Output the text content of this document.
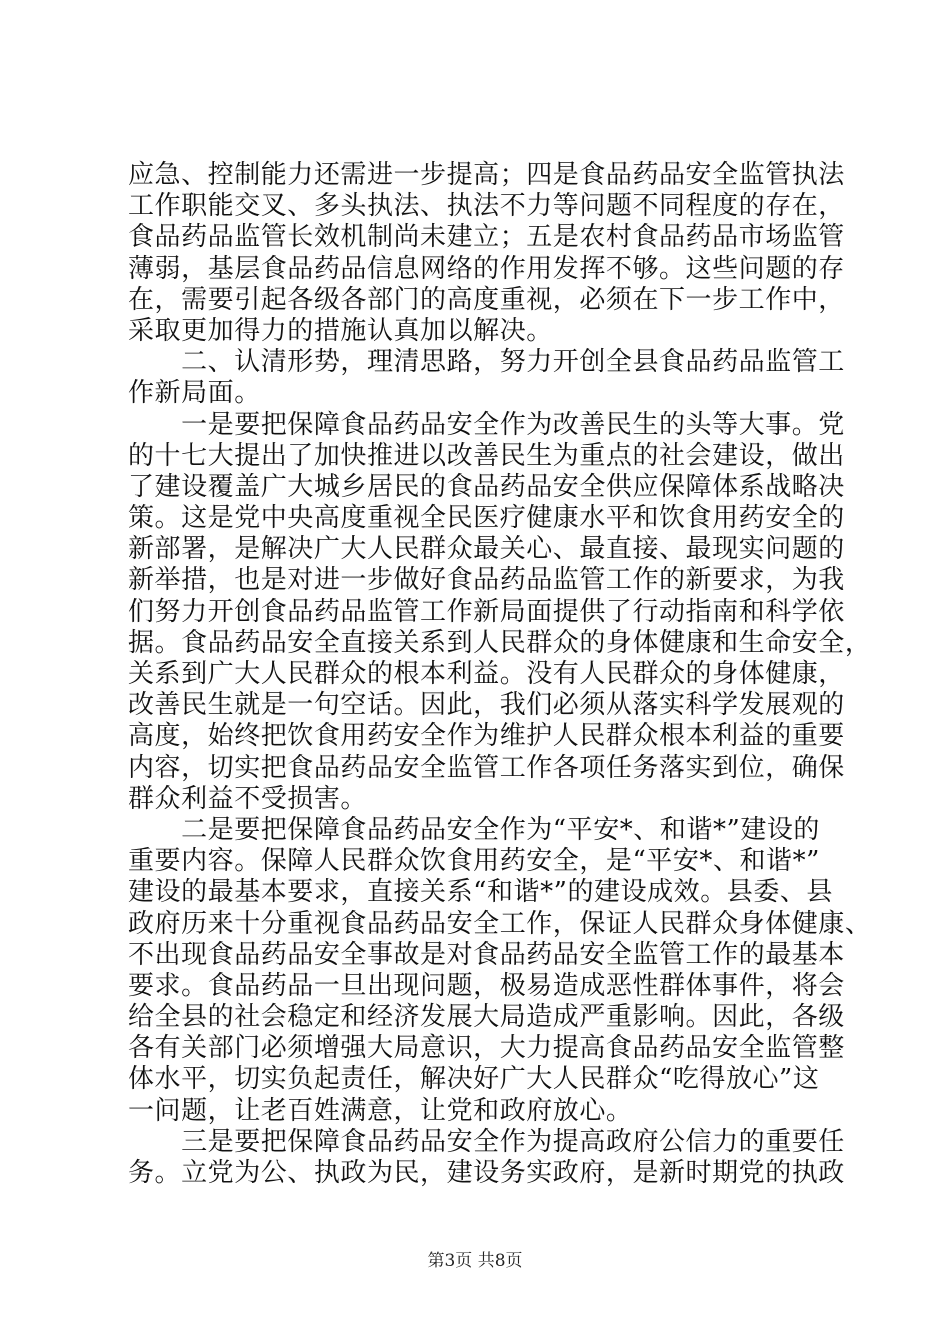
应急、控制能力还需进一步提高；四是食品药品安全监管执法
工作职能交叉、多头执法、执法不力等问题不同程度的存在，
食品药品监管长效机制尚未建立；五是农村食品药品市场监管
薄弱，基层食品药品信息网络的作用发挥不够。这些问题的存
在，需要引起各级各部门的高度重视，必须在下一步工作中，
采取更加得力的措施认真加以解决。
　　二、认清形势，理清思路，努力开创全县食品药品监管工
作新局面。
　　一是要把保障食品药品安全作为改善民生的头等大事。党
的十七大提出了加快推进以改善民生为重点的社会建设，做出
了建设覆盖广大城乡居民的食品药品安全供应保障体系战略决
策。这是党中央高度重视全民医疗健康水平和饮食用药安全的
新部署，是解决广大人民群众最关心、最直接、最现实问题的
新举措，也是对进一步做好食品药品监管工作的新要求，为我
们努力开创食品药品监管工作新局面提供了行动指南和科学依
据。食品药品安全直接关系到人民群众的身体健康和生命安全，
关系到广大人民群众的根本利益。没有人民群众的身体健康，
改善民生就是一句空话。因此，我们必须从落实科学发展观的
高度，始终把饮食用药安全作为维护人民群众根本利益的重要
内容，切实把食品药品安全监管工作各项任务落实到位，确保
群众利益不受损害。
　　二是要把保障食品药品安全作为“平安*、和谐*”建设的
重要内容。保障人民群众饮食用药安全，是“平安*、和谐*”
建设的最基本要求，直接关系“和谐*”的建设成效。县委、县
政府历来十分重视食品药品安全工作，保证人民群众身体健康、
不出现食品药品安全事故是对食品药品安全监管工作的最基本
要求。食品药品一旦出现问题，极易造成恶性群体事件，将会
给全县的社会稳定和经济发展大局造成严重影响。因此，各级
各有关部门必须增强大局意识，大力提高食品药品安全监管整
体水平，切实负起责任，解决好广大人民群众“吃得放心”这
一问题，让老百姓满意，让党和政府放心。
　　三是要把保障食品药品安全作为提高政府公信力的重要任
务。立党为公、执政为民，建设务实政府，是新时期党的执政
第3页 共8页
